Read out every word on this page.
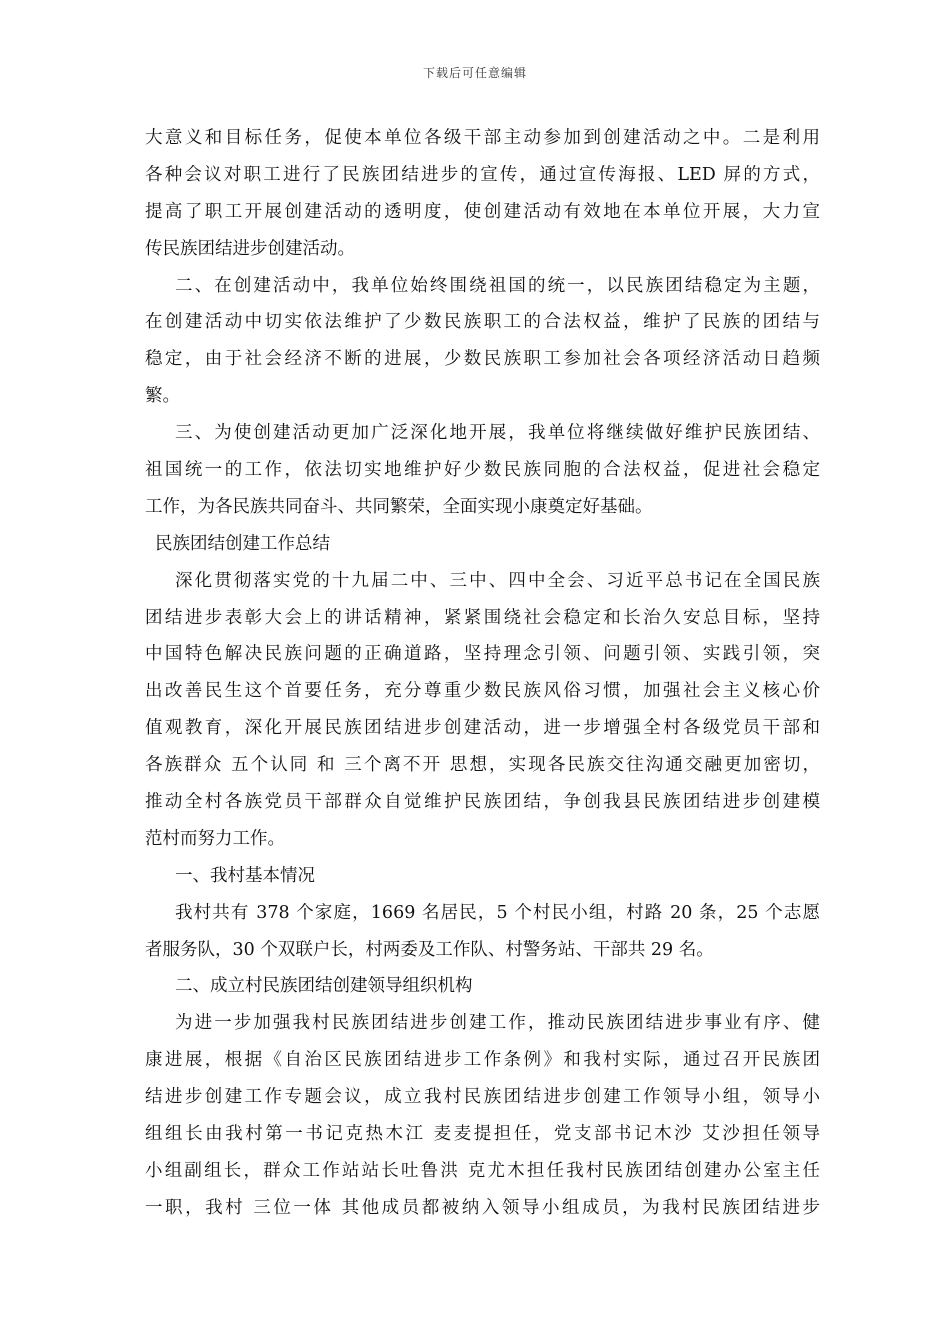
下载后可任意编辑
大意义和目标任务，促使本单位各级干部主动参加到创建活动之中。二是利用
各种会议对职工进行了民族团结进步的宣传，通过宣传海报、LED 屏的方式，
提高了职工开展创建活动的透明度，使创建活动有效地在本单位开展，大力宣
传民族团结进步创建活动。
二、在创建活动中，我单位始终围绕祖国的统一，以民族团结稳定为主题，
在创建活动中切实依法维护了少数民族职工的合法权益，维护了民族的团结与
稳定，由于社会经济不断的进展，少数民族职工参加社会各项经济活动日趋频
繁。
三、为使创建活动更加广泛深化地开展，我单位将继续做好维护民族团结、
祖国统一的工作，依法切实地维护好少数民族同胞的合法权益，促进社会稳定
工作，为各民族共同奋斗、共同繁荣，全面实现小康奠定好基础。
民族团结创建工作总结
深化贯彻落实党的十九届二中、三中、四中全会、习近平总书记在全国民族
团结进步表彰大会上的讲话精神，紧紧围绕社会稳定和长治久安总目标，坚持
中国特色解决民族问题的正确道路，坚持理念引领、问题引领、实践引领，突
出改善民生这个首要任务，充分尊重少数民族风俗习惯，加强社会主义核心价
值观教育，深化开展民族团结进步创建活动，进一步增强全村各级党员干部和
各族群众 五个认同 和 三个离不开 思想，实现各民族交往沟通交融更加密切，
推动全村各族党员干部群众自觉维护民族团结，争创我县民族团结进步创建模
范村而努力工作。
一、我村基本情况
我村共有 378 个家庭，1669 名居民，5 个村民小组，村路 20 条，25 个志愿
者服务队，30 个双联户长，村两委及工作队、村警务站、干部共 29 名。
二、成立村民族团结创建领导组织机构
为进一步加强我村民族团结进步创建工作，推动民族团结进步事业有序、健
康进展，根据《自治区民族团结进步工作条例》和我村实际，通过召开民族团
结进步创建工作专题会议，成立我村民族团结进步创建工作领导小组，领导小
组组长由我村第一书记克热木江 麦麦提担任，党支部书记木沙 艾沙担任领导
小组副组长，群众工作站站长吐鲁洪 克尤木担任我村民族团结创建办公室主任
一职，我村 三位一体 其他成员都被纳入领导小组成员，为我村民族团结进步
